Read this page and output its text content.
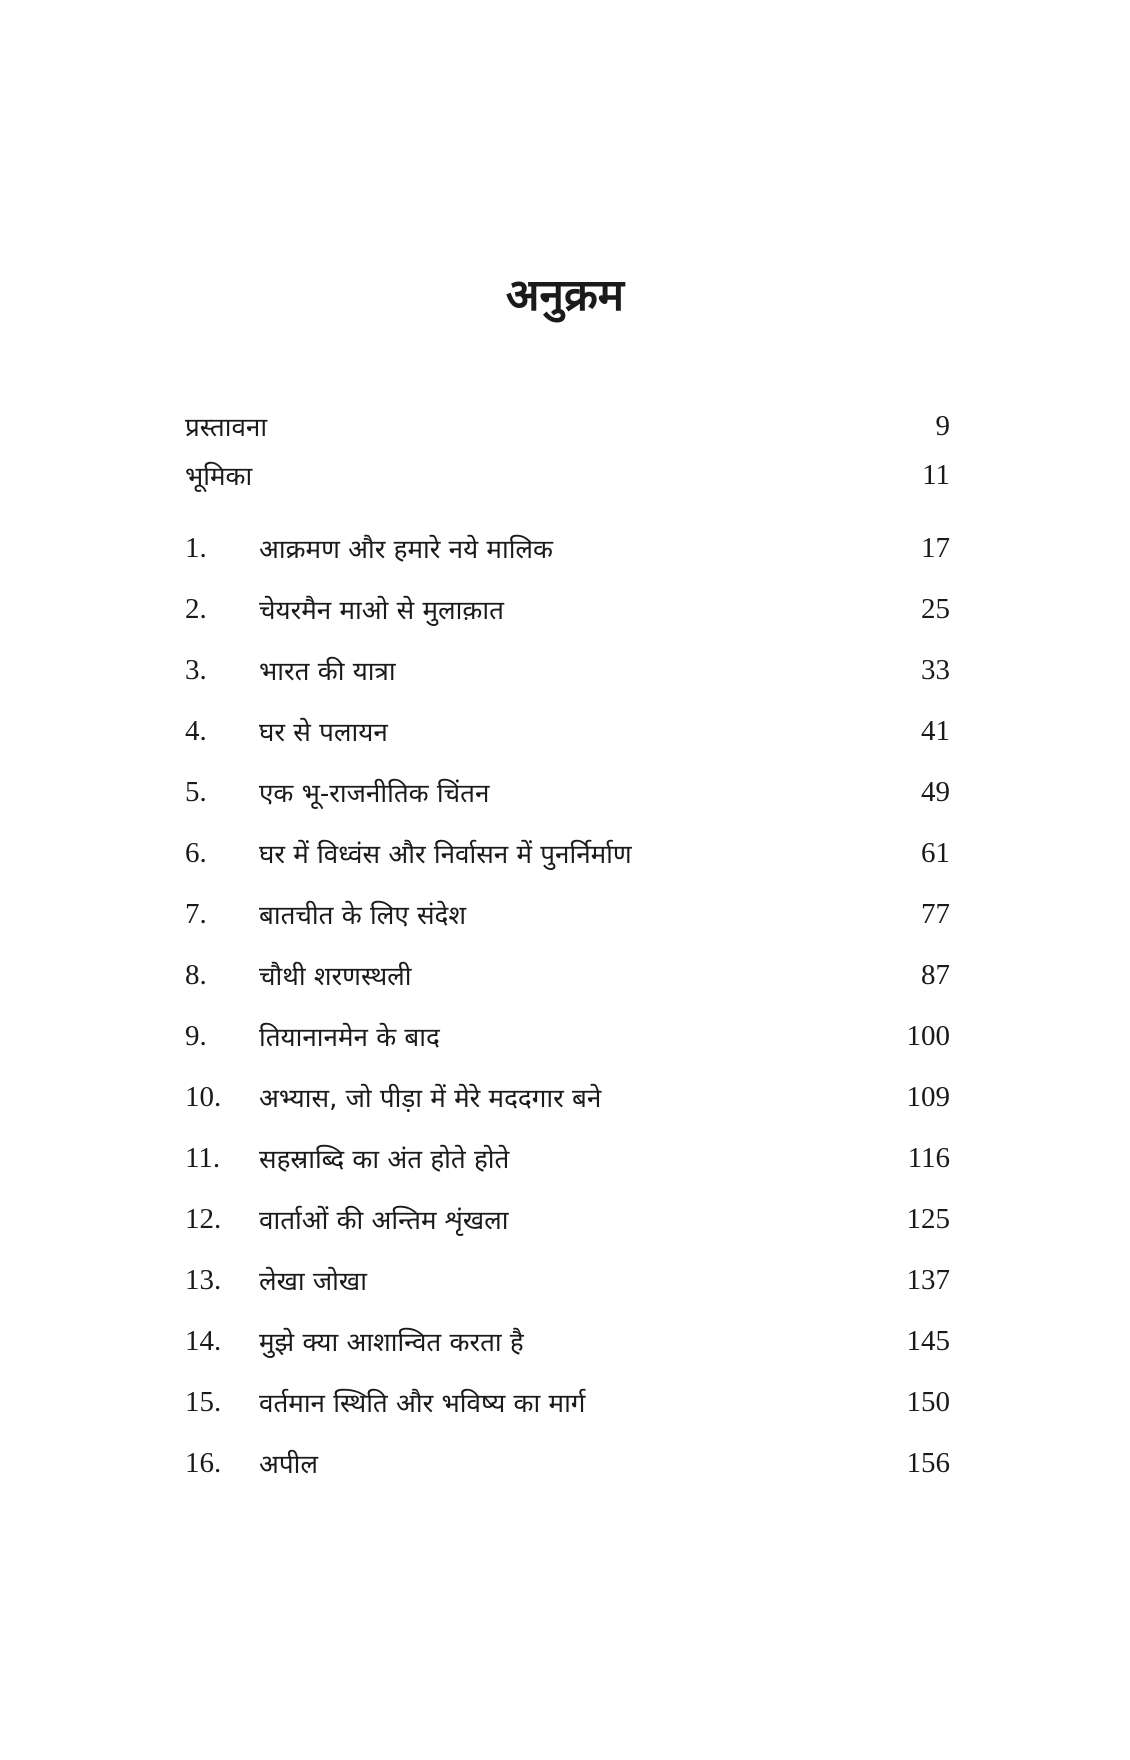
अनुक्रम
प्रस्तावना	9
भूमिका	11
1.	आक्रमण और हमारे नये मालिक	17
2.	चेयरमैन माओ से मुलाक़ात	25
3.	भारत की यात्रा	33
4.	घर से पलायन	41
5.	एक भू-राजनीतिक चिंतन	49
6.	घर में विध्वंस और निर्वासन में पुनर्निर्माण	61
7.	बातचीत के लिए संदेश	77
8.	चौथी शरणस्थली	87
9.	तियानानमेन के बाद	100
10.	अभ्यास, जो पीड़ा में मेरे मददगार बने	109
11.	सहस्राब्दि का अंत होते होते	116
12.	वार्ताओं की अन्तिम शृंखला	125
13.	लेखा जोखा	137
14.	मुझे क्या आशान्वित करता है	145
15.	वर्तमान स्थिति और भविष्य का मार्ग	150
16.	अपील	156
